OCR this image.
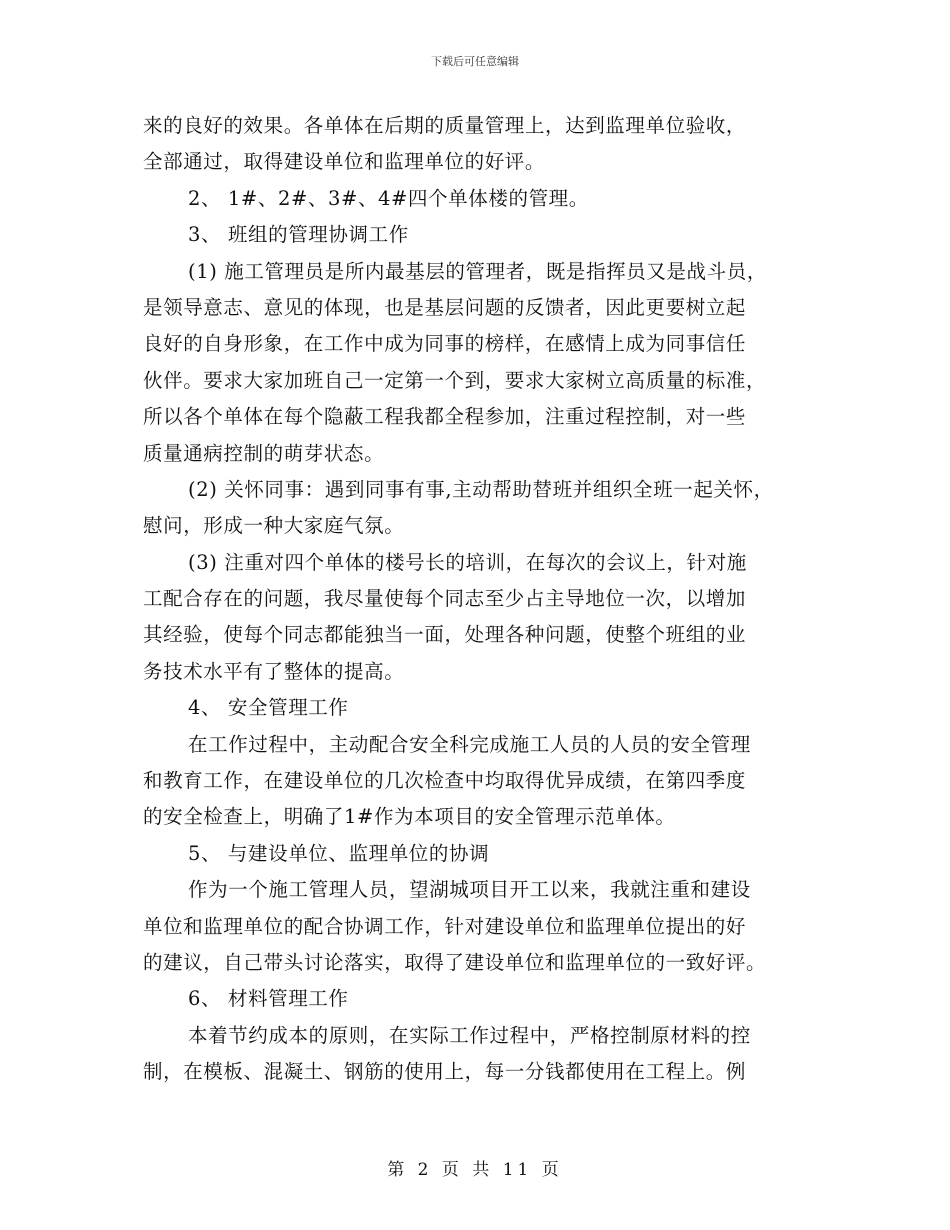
下载后可任意编辑
来的良好的效果。各单体在后期的质量管理上，达到监理单位验收，
全部通过，取得建设单位和监理单位的好评。
2、 1#、2#、3#、4#四个单体楼的管理。
3、 班组的管理协调工作
(1) 施工管理员是所内最基层的管理者，既是指挥员又是战斗员，
是领导意志、意见的体现，也是基层问题的反馈者，因此更要树立起
良好的自身形象，在工作中成为同事的榜样，在感情上成为同事信任
伙伴。要求大家加班自己一定第一个到，要求大家树立高质量的标准，
所以各个单体在每个隐蔽工程我都全程参加，注重过程控制，对一些
质量通病控制的萌芽状态。
(2) 关怀同事：遇到同事有事,主动帮助替班并组织全班一起关怀，
慰问，形成一种大家庭气氛。
(3) 注重对四个单体的楼号长的培训，在每次的会议上，针对施
工配合存在的问题，我尽量使每个同志至少占主导地位一次，以增加
其经验，使每个同志都能独当一面，处理各种问题，使整个班组的业
务技术水平有了整体的提高。
4、 安全管理工作
在工作过程中，主动配合安全科完成施工人员的人员的安全管理
和教育工作，在建设单位的几次检查中均取得优异成绩，在第四季度
的安全检查上，明确了1#作为本项目的安全管理示范单体。
5、 与建设单位、监理单位的协调
作为一个施工管理人员，望湖城项目开工以来，我就注重和建设
单位和监理单位的配合协调工作，针对建设单位和监理单位提出的好
的建议，自己带头讨论落实，取得了建设单位和监理单位的一致好评。
6、 材料管理工作
本着节约成本的原则，在实际工作过程中，严格控制原材料的控
制，在模板、混凝土、钢筋的使用上，每一分钱都使用在工程上。例
第 2 页 共 11 页
